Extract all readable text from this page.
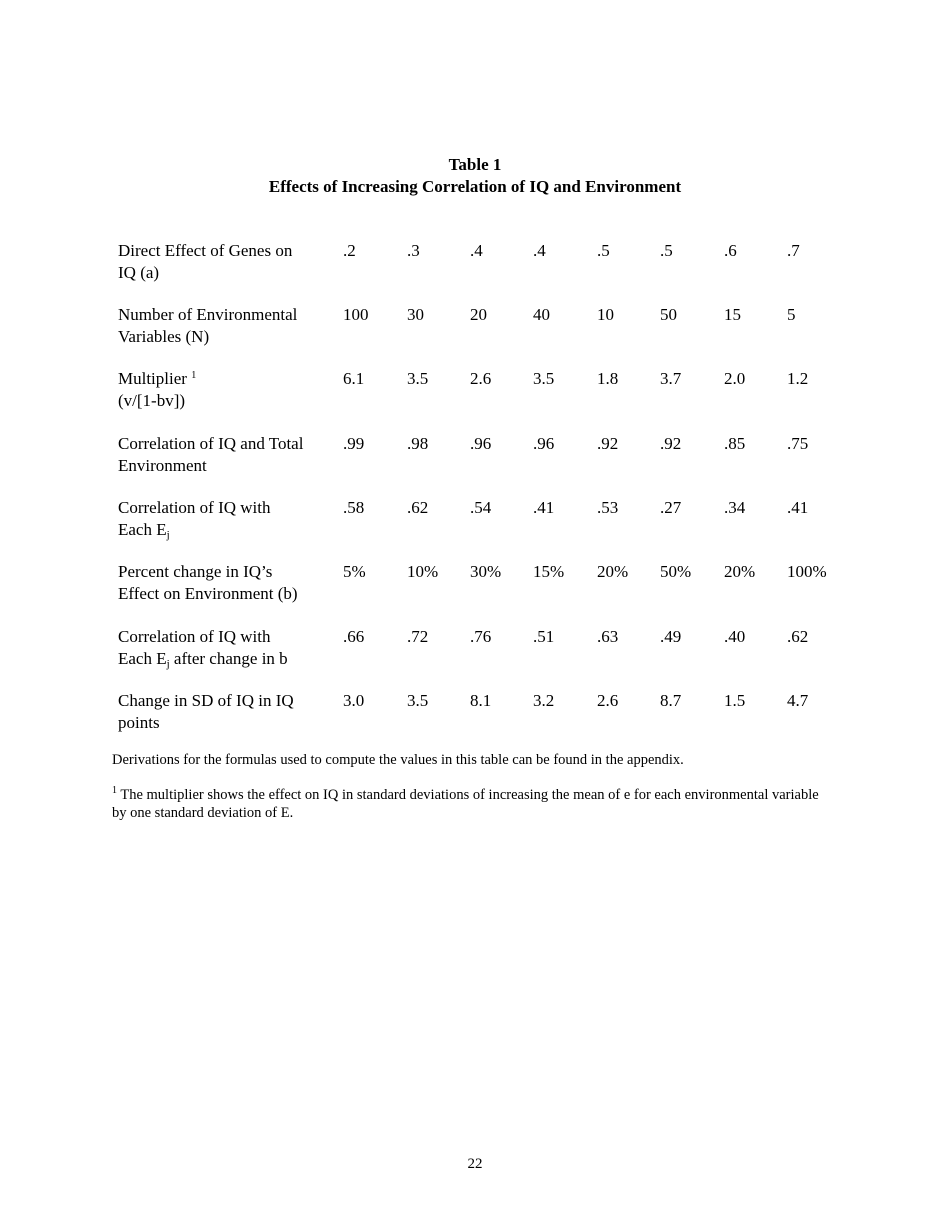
Table 1
Effects of Increasing Correlation of IQ and Environment
Direct Effect of Genes on
IQ (a)
.2	.3	.4	.4	.5	.5	.6	.7
Number of Environmental
Variables (N)
100 30	20	40	10	50	15	5
Multiplier $^1$
(v/[1-bv])
6.1	3.5 2.6 3.5	1.8 3.7	2.0 1.2
Correlation of IQ and Total
Environment
.99	.98 .96 .96	.92 .92	.85 .75
Correlation of IQ with
Each $E_j$
.58	.62 .54 .41	.53 .27	.34 .41
Percent change in IQ’s
Effect on Environment (b)
5% 10% 30% 15% 20% 50% 20% 100%
Correlation of IQ with
Each $E_j$ after change in b
.66	.72 .76 .51	.63 .49	.40 .62
Change in SD of IQ in IQ
points
3.0	3.5 8.1 3.2	2.6 8.7	1.5 4.7
Derivations for the formulas used to compute the values in this table can be found in the appendix.
$^1$ The multiplier shows the effect on IQ in standard deviations of increasing the mean of e for each environmental variable by one standard deviation of E.
22
